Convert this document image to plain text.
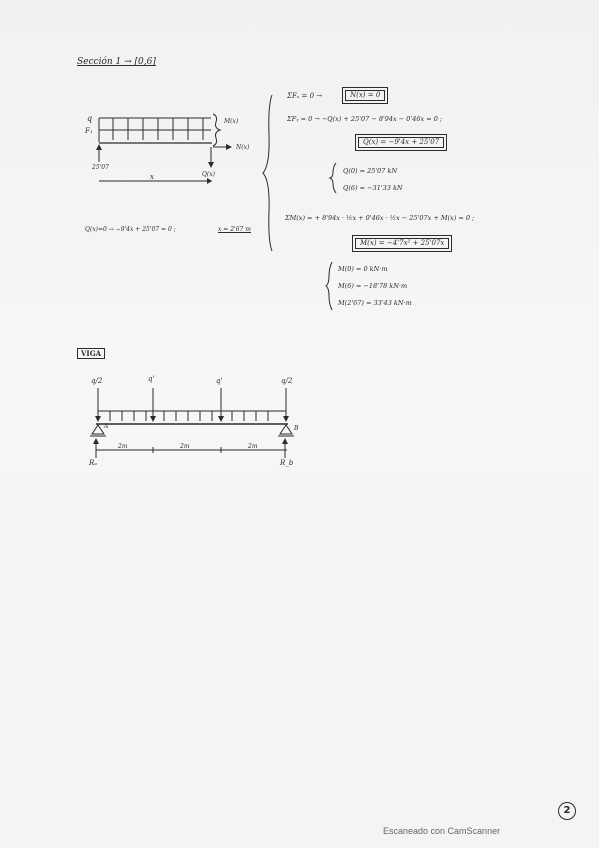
Sección 1 → [0,6]
q
F₁
25'07
M(x)
N(x)
Q(x)
x
Q(x)=0 → −9'4x + 25'07 = 0 ;	x = 2'67 m
ΣFₓ = 0 →	N(x) = 0
ΣFᵧ = 0 → −Q(x) + 25'07 − 8'94x − 0'46x = 0 ;
Q(x) = −9'4x + 25'07
Q(0) = 25'07 kN
Q(6) = −31'33 kN
ΣM(x) = + 8'94x · ½x + 0'46x · ½x − 25'07x + M(x) = 0 ;
M(x) = −4'7x² + 25'07x
M(0) = 0 kN·m
M(6) = −18'78 kN·m
M(2'67) = 33'43 kN·m
VIGA
q/2	q'	q'	q/2
A	B
2m	2m	2m
Rₐ	R_b
2
Escaneado con CamScanner
